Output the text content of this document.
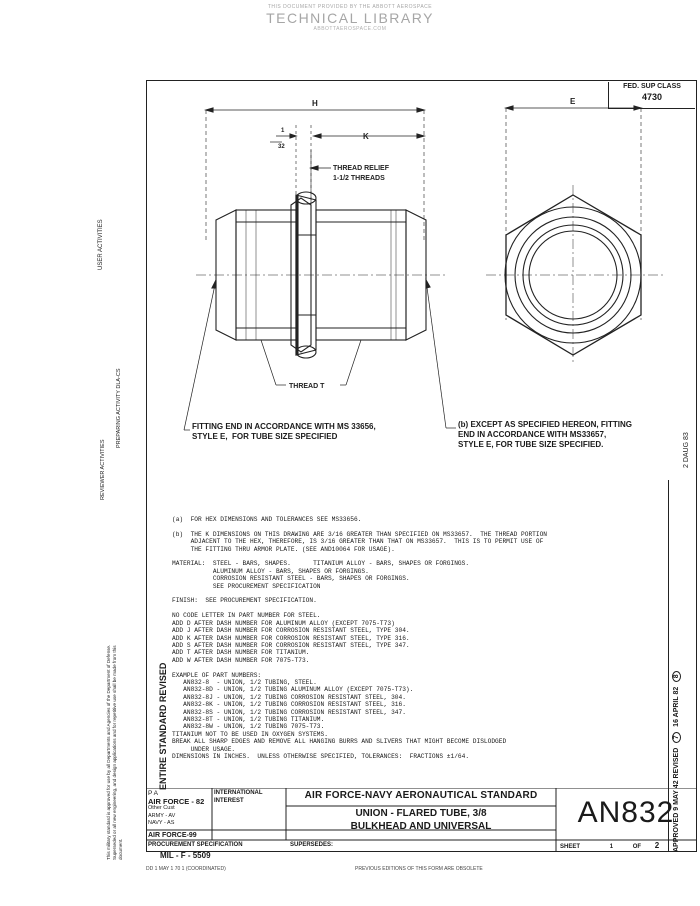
THIS DOCUMENT PROVIDED BY THE ABBOTT AEROSPACE
TECHNICAL LIBRARY
ABBOTTAEROSPACE.COM
FED. SUP CLASS
4730
H
K
E
1
32
THREAD RELIEF
1-1/2 THREADS
THREAD T
FITTING END IN ACCORDANCE WITH MS 33656,
STYLE E,  FOR TUBE SIZE SPECIFIED
(b) EXCEPT AS SPECIFIED HEREON, FITTING
END IN ACCORDANCE WITH MS33657,
STYLE E, FOR TUBE SIZE SPECIFIED.
(a)  FOR HEX DIMENSIONS AND TOLERANCES SEE MS33656.

(b)  THE K DIMENSIONS ON THIS DRAWING ARE 3/16 GREATER THAN SPECIFIED ON MS33657.  THE THREAD PORTION
ADJACENT TO THE HEX, THEREFORE, IS 3/16 GREATER THAN THAT ON MS33657.  THIS IS TO PERMIT USE OF
THE FITTING THRU ARMOR PLATE. (SEE AND10064 FOR USAGE).

MATERIAL:  STEEL - BARS, SHAPES.      TITANIUM ALLOY - BARS, SHAPES OR FORGINGS.
ALUMINUM ALLOY - BARS, SHAPES OR FORGINGS.
CORROSION RESISTANT STEEL - BARS, SHAPES OR FORGINGS.
SEE PROCUREMENT SPECIFICATION

FINISH:  SEE PROCUREMENT SPECIFICATION.

NO CODE LETTER IN PART NUMBER FOR STEEL.
ADD D AFTER DASH NUMBER FOR ALUMINUM ALLOY (EXCEPT 7075-T73)
ADD J AFTER DASH NUMBER FOR CORROSION RESISTANT STEEL, TYPE 304.
ADD K AFTER DASH NUMBER FOR CORROSION RESISTANT STEEL, TYPE 316.
ADD S AFTER DASH NUMBER FOR CORROSION RESISTANT STEEL, TYPE 347.
ADD T AFTER DASH NUMBER FOR TITANIUM.
ADD W AFTER DASH NUMBER FOR 7075-T73.

EXAMPLE OF PART NUMBERS:
AN832-8  - UNION, 1/2 TUBING, STEEL.
AN832-8D - UNION, 1/2 TUBING ALUMINUM ALLOY (EXCEPT 7075-T73).
AN832-8J - UNION, 1/2 TUBING CORROSION RESISTANT STEEL, 304.
AN832-8K - UNION, 1/2 TUBING CORROSION RESISTANT STEEL, 316.
AN832-8S - UNION, 1/2 TUBING CORROSION RESISTANT STEEL, 347.
AN832-8T - UNION, 1/2 TUBING TITANIUM.
AN832-8W - UNION, 1/2 TUBING 7075-T73.
TITANIUM NOT TO BE USED IN OXYGEN SYSTEMS.
BREAK ALL SHARP EDGES AND REMOVE ALL HANGING BURRS AND SLIVERS THAT MIGHT BECOME DISLODGED
UNDER USAGE.
DIMENSIONS IN INCHES.  UNLESS OTHERWISE SPECIFIED, TOLERANCES:  FRACTIONS ±1/64.
USER ACTIVITIES
PREPARING ACTIVITY DLA-CS
REVIEWER ACTIVITIES
This military standard is approved for use by all Departments and Agencies of the Department of Defense.
Superseded or all new engineering, and design applications and for repetitive use shall be made from this
document.
ENTIRE STANDARD REVISED
APPROVED 9 MAY 42 REVISED 7 16 APRIL 82 8
2 DAUG 83
P A
AIR FORCE - 82
Other Cust
ARMY - AV
NAVY - AS
AIR FORCE-99
INTERNATIONAL
INTEREST	AIR FORCE-NAVY AERONAUTICAL STANDARD
UNION - FLARED TUBE, 3/8
BULKHEAD AND UNIVERSAL	AN832
PROCUREMENT SPECIFICATION
MIL - F - 5509
SUPERSEDES:	SHEET	1	OF 2
DD 1 MAY 1 70 1 (COORDINATED)	PREVIOUS EDITIONS OF THIS FORM ARE OBSOLETE
